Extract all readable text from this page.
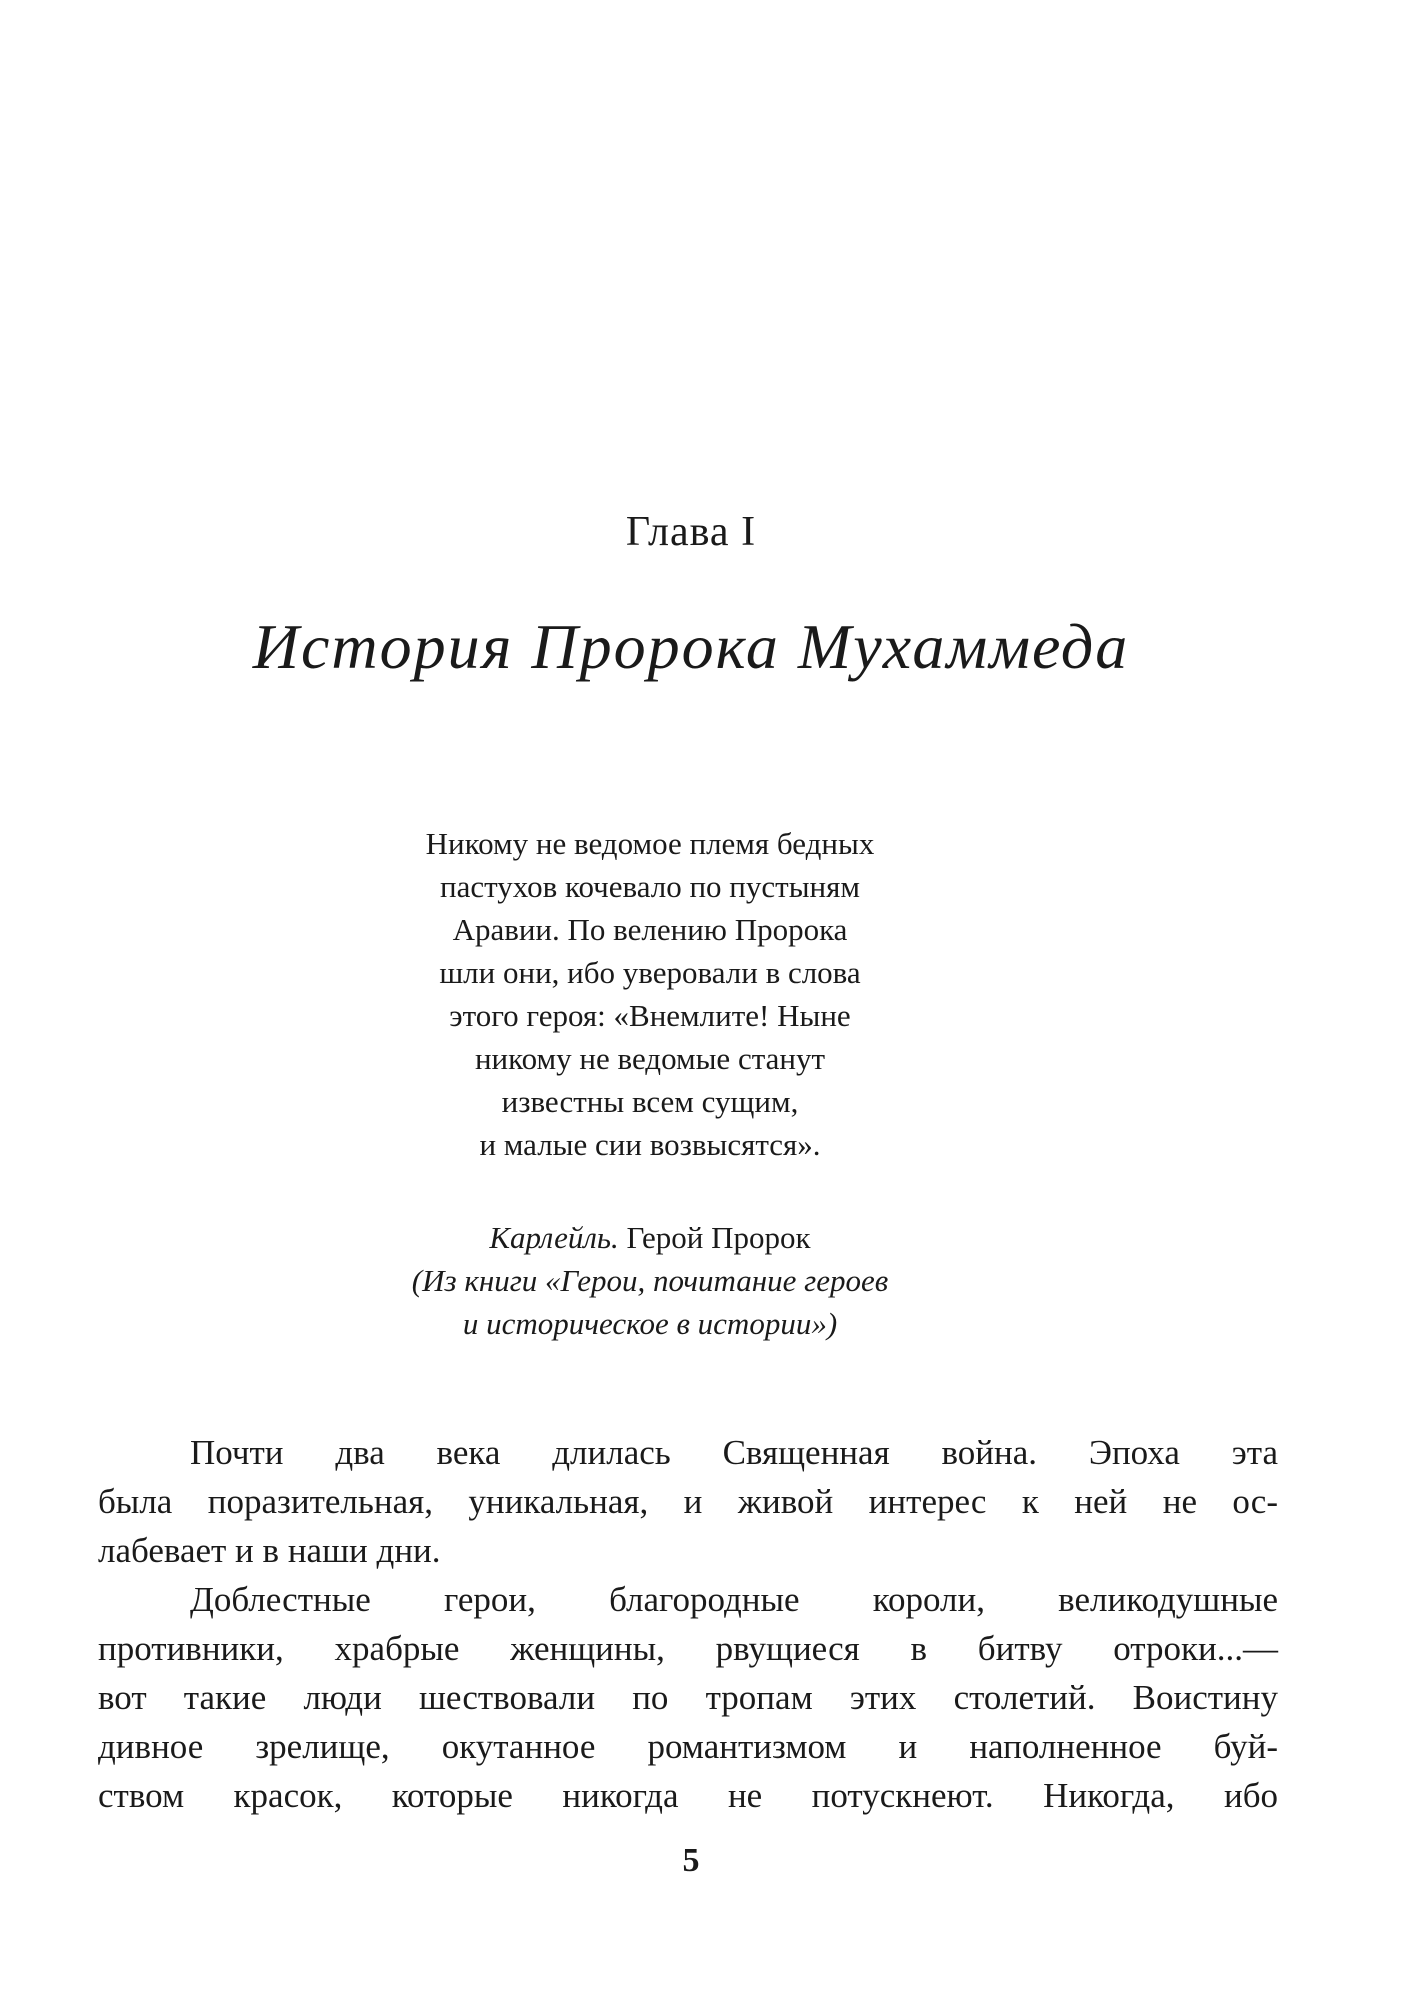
Глава I
История Пророка Мухаммеда
Никому не ведомое племя бедных
пастухов кочевало по пустыням
Аравии. По велению Пророка
шли они, ибо уверовали в слова
этого героя: «Внемлите! Ныне
никому не ведомые станут
известны всем сущим,
и малые сии возвысятся».
Карлейль. Герой Пророк
(Из книги «Герои, почитание героев
и историческое в истории»)
Почти два века длилась Священная война. Эпоха эта
была поразительная, уникальная, и живой интерес к ней не ос-
лабевает и в наши дни.
Доблестные герои, благородные короли, великодушные
противники, храбрые женщины, рвущиеся в битву отроки...—
вот такие люди шествовали по тропам этих столетий. Воистину
дивное зрелище, окутанное романтизмом и наполненное буй-
ством красок, которые никогда не потускнеют. Никогда, ибо
5
